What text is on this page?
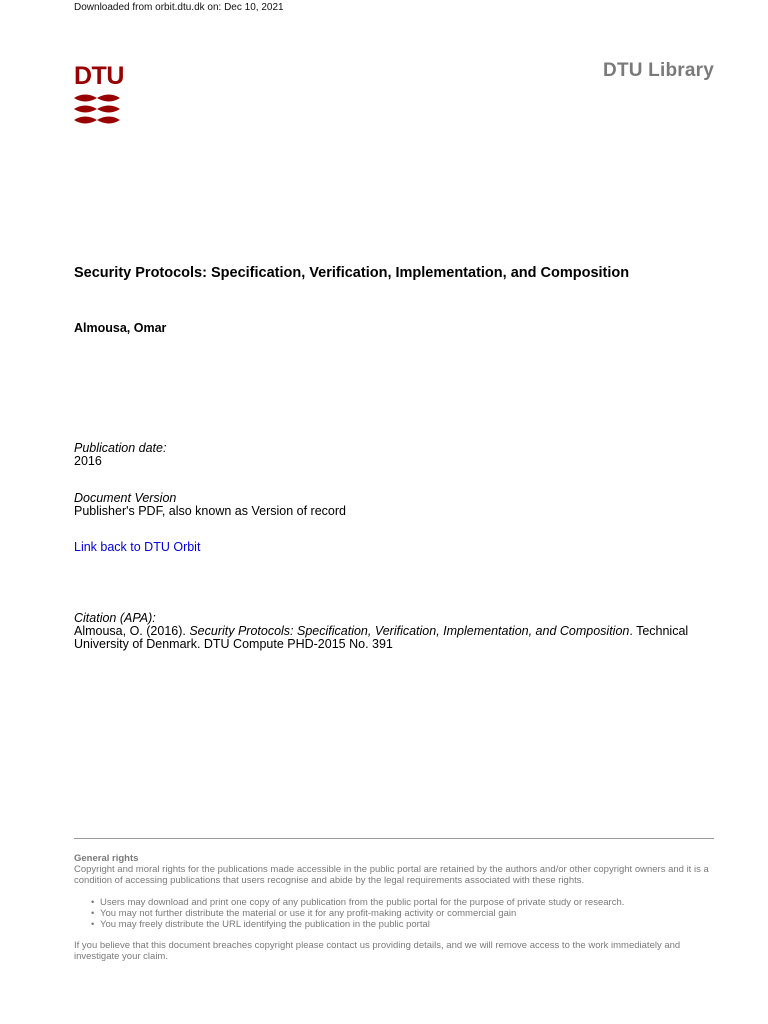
Downloaded from orbit.dtu.dk on: Dec 10, 2021
DTU	DTU Library
Security Protocols: Specification, Verification, Implementation, and Composition
Almousa, Omar
Publication date:
2016
Document Version
Publisher's PDF, also known as Version of record
Link back to DTU Orbit
Citation (APA):
Almousa, O. (2016). Security Protocols: Specification, Verification, Implementation, and Composition. Technical University of Denmark. DTU Compute PHD-2015 No. 391
General rights
Copyright and moral rights for the publications made accessible in the public portal are retained by the authors and/or other copyright owners and it is a condition of accessing publications that users recognise and abide by the legal requirements associated with these rights.
• Users may download and print one copy of any publication from the public portal for the purpose of private study or research.
• You may not further distribute the material or use it for any profit-making activity or commercial gain
• You may freely distribute the URL identifying the publication in the public portal
If you believe that this document breaches copyright please contact us providing details, and we will remove access to the work immediately and investigate your claim.
